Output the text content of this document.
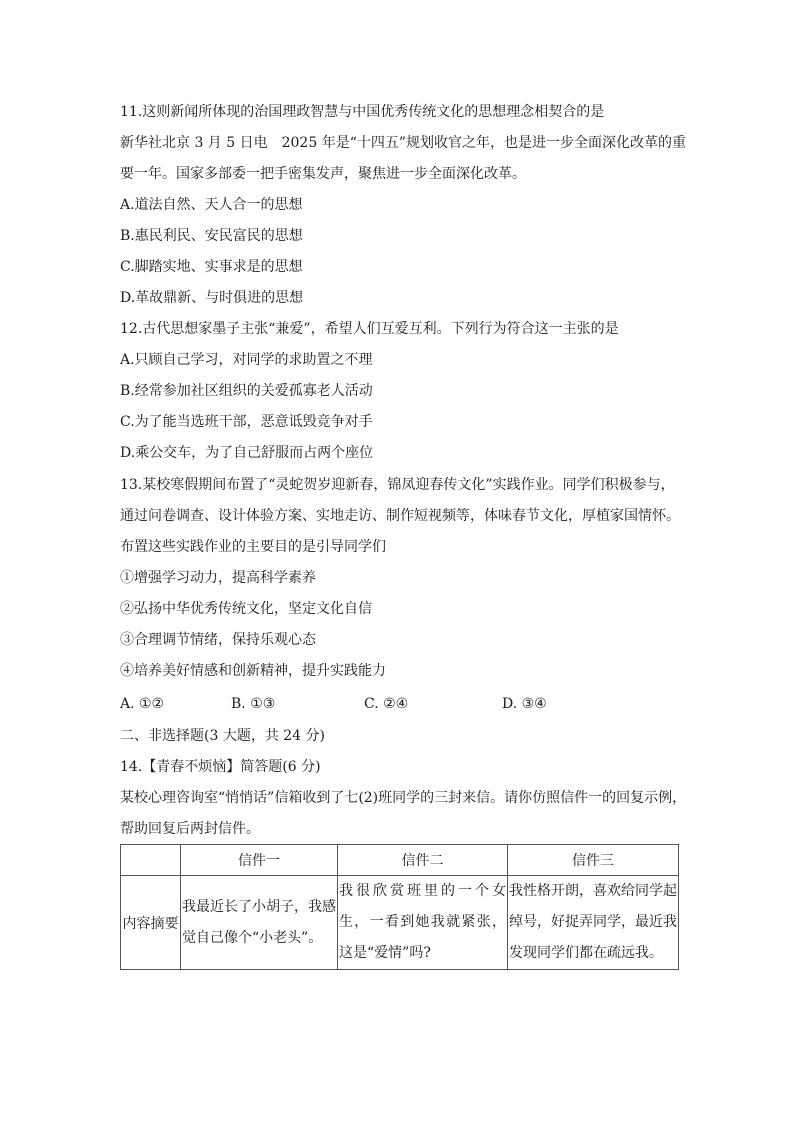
11.这则新闻所体现的治国理政智慧与中国优秀传统文化的思想理念相契合的是
新华社北京 3 月 5 日电　2025 年是“十四五”规划收官之年，也是进一步全面深化改革的重
要一年。国家多部委一把手密集发声，聚焦进一步全面深化改革。
A.道法自然、天人合一的思想
B.惠民利民、安民富民的思想
C.脚踏实地、实事求是的思想
D.革故鼎新、与时俱进的思想
12.古代思想家墨子主张“兼爱”，希望人们互爱互利。下列行为符合这一主张的是
A.只顾自己学习，对同学的求助置之不理
B.经常参加社区组织的关爱孤寡老人活动
C.为了能当选班干部，恶意诋毁竞争对手
D.乘公交车，为了自己舒服而占两个座位
13.某校寒假期间布置了“灵蛇贺岁迎新春，锦凤迎春传文化”实践作业。同学们积极参与，
通过问卷调查、设计体验方案、实地走访、制作短视频等，体味春节文化，厚植家国情怀。
布置这些实践作业的主要目的是引导同学们
①增强学习动力，提高科学素养
②弘扬中华优秀传统文化，坚定文化自信
③合理调节情绪，保持乐观心态
④培养美好情感和创新精神，提升实践能力
A. ①②	B. ①③	C. ②④	D. ③④
二、非选择题(3 大题，共 24 分)
14.【青春不烦恼】简答题(6 分)
某校心理咨询室“悄悄话”信箱收到了七(2)班同学的三封来信。请你仿照信件一的回复示例，
帮助回复后两封信件。
	信件一	信件二	信件三
内容摘要	我最近长了小胡子，我感觉自己像个“小老头”。	我很欣赏班里的一个女生，一看到她我就紧张，这是“爱情”吗?	我性格开朗，喜欢给同学起绰号，好捉弄同学，最近我发现同学们都在疏远我。
